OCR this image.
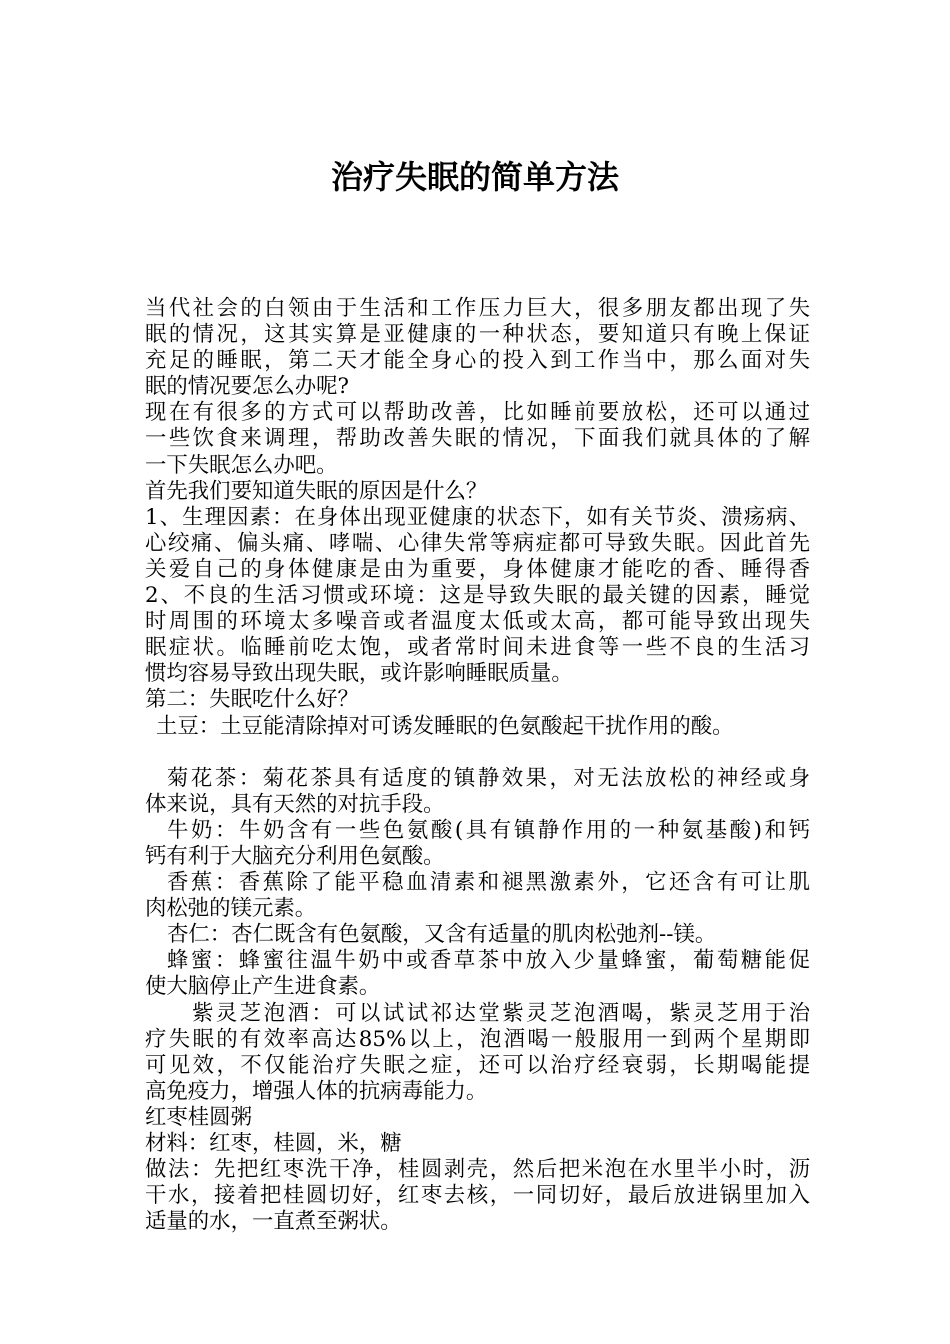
治疗失眠的简单方法

当代社会的白领由于生活和工作压力巨大，很多朋友都出现了失

眠的情况，这其实算是亚健康的一种状态，要知道只有晚上保证

充足的睡眠，第二天才能全身心的投入到工作当中，那么面对失

眠的情况要怎么办呢?

现在有很多的方式可以帮助改善，比如睡前要放松，还可以通过

一些饮食来调理，帮助改善失眠的情况，下面我们就具体的了解

一下失眠怎么办吧。

首先我们要知道失眠的原因是什么？

1、生理因素：在身体出现亚健康的状态下，如有关节炎、溃疡病、

心绞痛、偏头痛、哮喘、心律失常等病症都可导致失眠。因此首先

关爱自己的身体健康是由为重要，身体健康才能吃的香、睡得香

2、不良的生活习惯或环境：这是导致失眠的最关键的因素，睡觉

时周围的环境太多噪音或者温度太低或太高，都可能导致出现失

眠症状。临睡前吃太饱，或者常时间未进食等一些不良的生活习

惯均容易导致出现失眠，或许影响睡眠质量。

第二：失眠吃什么好？

土豆：土豆能清除掉对可诱发睡眠的色氨酸起干扰作用的酸。

菊花茶：菊花茶具有适度的镇静效果，对无法放松的神经或身

体来说，具有天然的对抗手段。

牛奶：牛奶含有一些色氨酸(具有镇静作用的一种氨基酸)和钙

钙有利于大脑充分利用色氨酸。

香蕉：香蕉除了能平稳血清素和褪黑激素外，它还含有可让肌

肉松弛的镁元素。

杏仁：杏仁既含有色氨酸，又含有适量的肌肉松弛剂--镁。

蜂蜜：蜂蜜往温牛奶中或香草茶中放入少量蜂蜜，葡萄糖能促

使大脑停止产生进食素。

紫灵芝泡酒：可以试试祁达堂紫灵芝泡酒喝，紫灵芝用于治

疗失眠的有效率高达85%以上，泡酒喝一般服用一到两个星期即

可见效，不仅能治疗失眠之症，还可以治疗经衰弱，长期喝能提

高免疫力，增强人体的抗病毒能力。

红枣桂圆粥

材料：红枣，桂圆，米，糖

做法：先把红枣洗干净，桂圆剥壳，然后把米泡在水里半小时，沥

干水，接着把桂圆切好，红枣去核，一同切好，最后放进锅里加入

适量的水，一直煮至粥状。
